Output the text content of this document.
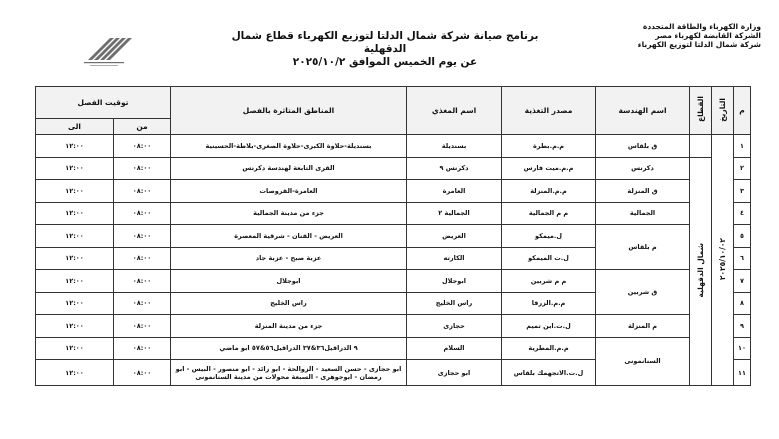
وزارة الكهرباء والطاقة المتجددة
الشركة القابضة لكهرباء مصر
شركة شمال الدلتا لتوزيع الكهرباء
برنامج صيانة شركة شمال الدلتا لتوزيع الكهرباء قطاع شمال الدقهلية
عن يوم الخميس الموافق ٢٠٢٥/١٠/٢
م	التاريخ	القطاع	اسم الهندسة	مصدر التغذية	اسم المغذي	المناطق المتاثرة بالفصل	توقيت الفصل	
							من	الى
١	٢٠٢٥/١٠/٠٢		ق بلقاس	م.م.بطرة	بسنديلة	بسنديلة-حلاوة الكبرى-حلاوة الصغرى-بلاطة-الحسينية	٠٨:٠٠	١٢:٠٠
٢		شمال الدقهلية	دكرنس	م.م.ميت فارس	دكرنس ٩	القرى التابعة لهندسة دكرنس	٠٨:٠٠	١٢:٠٠
٣			ق المنزلة	م.م.المنزلة	العامرة	العامرة-القروصات	٠٨:٠٠	١٢:٠٠
٤			الجمالية	م م الجمالية	الجمالية ٢	جزء من مدينة الجمالية	٠٨:٠٠	١٢:٠٠
٥			م بلقاس	ل.ميمكو	العريض	العريض - القنان - شرقية المعصرة	٠٨:٠٠	١٢:٠٠
٦				ل.ت الميمكو	الكارته	عزبة صبح - عزبة جاد	٠٨:٠٠	١٢:٠٠
٧			ق شربين	م م شربين	ابوجلال	ابوجلال	٠٨:٠٠	١٢:٠٠
٨				م.م.الزرقا	راس الخليج	راس الخليج	٠٨:٠٠	١٢:٠٠
٩			م المنزلة	ل.ت.ابن تميم	حجازى	جزء من مدينة المنزلة	٠٨:٠٠	١٢:٠٠
١٠			السنانمونى	م.م.المطرية	السلام	٩ الدراقيل٣٦&٣٧ الدراقيل٥٦&٥٧ ابو ماضي	٠٨:٠٠	١٢:٠٠
١١				ل.ت.الاتجهمك بلقاس	ابو حجازى	ابو حجازى - حسن السعيد - الزوالحة - ابو زائد - ابو منصور - البيس - ابو رمضان - ابوجوهرى - السبعة محولات من مدينة السنانمونى	٠٨:٠٠	١٢:٠٠
